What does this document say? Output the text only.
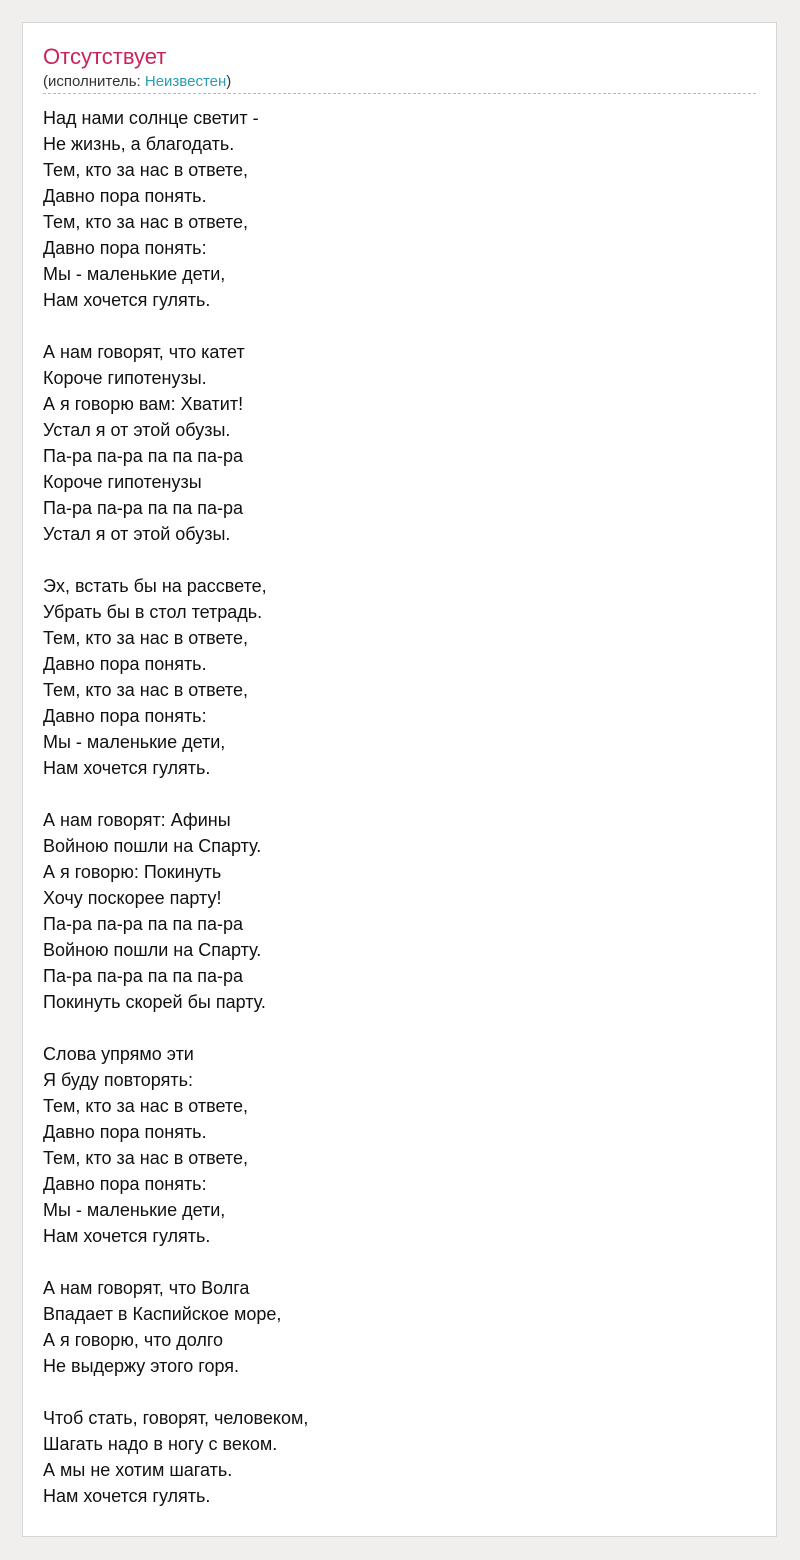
Отсутствует
(исполнитель: Неизвестен)
Над нами солнце светит -
Не жизнь, а благодать.
Тем, кто за нас в ответе,
Давно пора понять.
Тем, кто за нас в ответе,
Давно пора понять:
Мы - маленькие дети,
Нам хочется гулять.
А нам говорят, что катет
Короче гипотенузы.
А я говорю вам: Хватит!
Устал я от этой обузы.
Па-ра па-ра па па па-ра
Короче гипотенузы
Па-ра па-ра па па па-ра
Устал я от этой обузы.
Эх, встать бы на рассвете,
Убрать бы в стол тетрадь.
Тем, кто за нас в ответе,
Давно пора понять.
Тем, кто за нас в ответе,
Давно пора понять:
Мы - маленькие дети,
Нам хочется гулять.
А нам говорят: Афины
Войною пошли на Спарту.
А я говорю: Покинуть
Хочу поскорее парту!
Па-ра па-ра па па па-ра
Войною пошли на Спарту.
Па-ра па-ра па па па-ра
Покинуть скорей бы парту.
Слова упрямо эти
Я буду повторять:
Тем, кто за нас в ответе,
Давно пора понять.
Тем, кто за нас в ответе,
Давно пора понять:
Мы - маленькие дети,
Нам хочется гулять.
А нам говорят, что Волга
Впадает в Каспийское море,
А я говорю, что долго
Не выдержу этого горя.
Чтоб стать, говорят, человеком,
Шагать надо в ногу с веком.
А мы не хотим шагать.
Нам хочется гулять.
